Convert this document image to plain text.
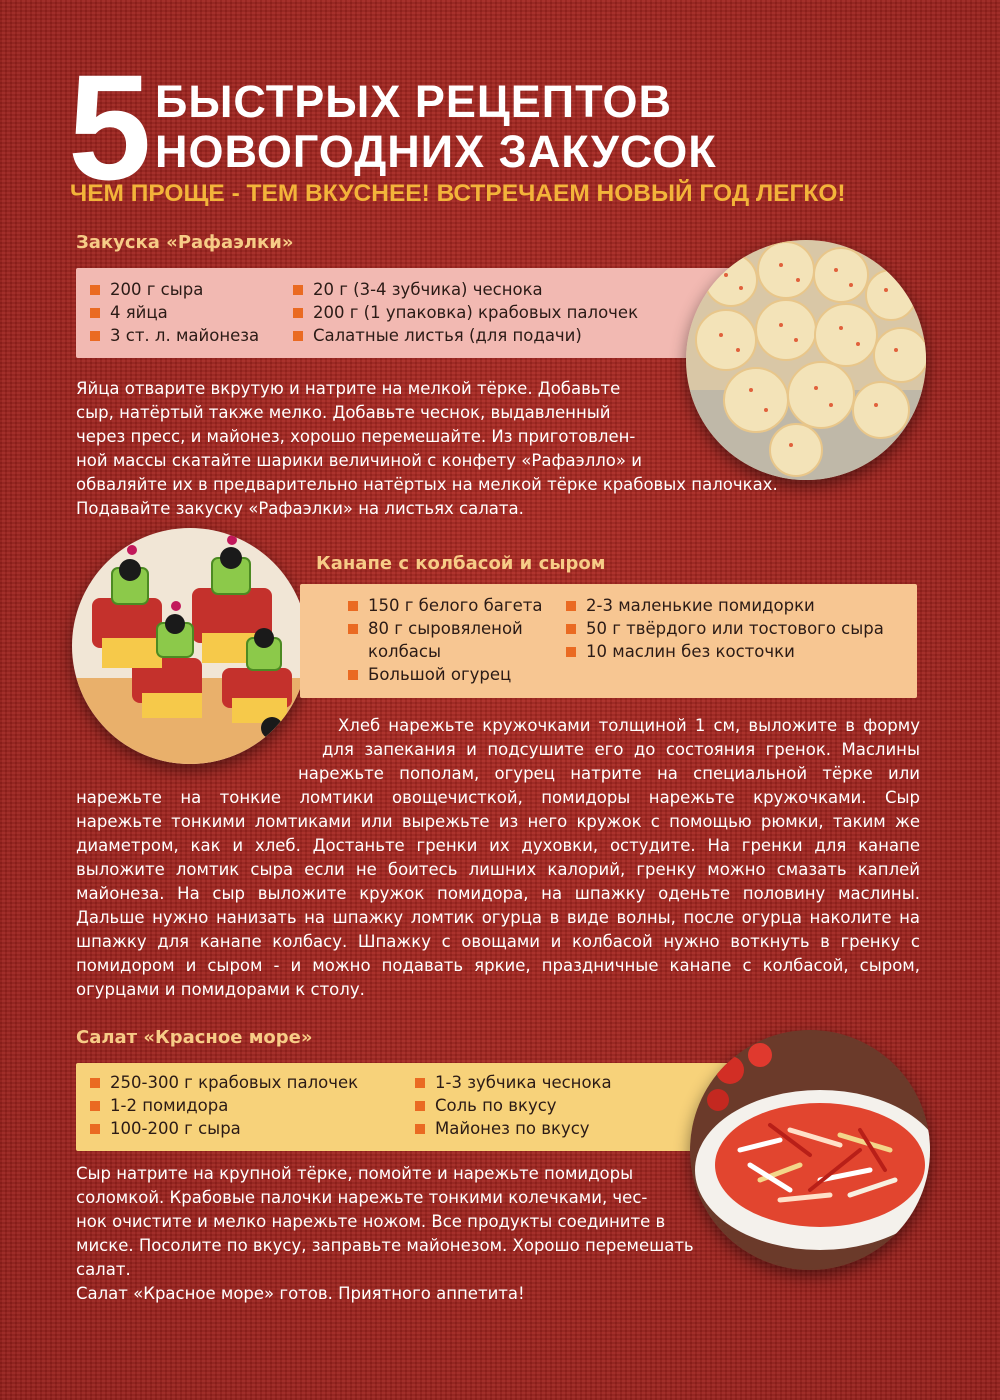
5 БЫСТРЫХ РЕЦЕПТОВ
НОВОГОДНИХ ЗАКУСОК
ЧЕМ ПРОЩЕ - ТЕМ ВКУСНЕЕ! ВСТРЕЧАЕМ НОВЫЙ ГОД ЛЕГКО!
Закуска «Рафаэлки»
200 г сыра
4 яйца
3 ст. л. майонеза
20 г (3-4 зубчика) чеснока
200 г (1 упаковка) крабовых палочек
Салатные листья (для подачи)
Яйца отварите вкрутую и натрите на мелкой тёрке. Добавьте
сыр, натёртый также мелко. Добавьте чеснок, выдавленный
через пресс, и майонез, хорошо перемешайте. Из приготовлен-
ной массы скатайте шарики величиной с конфету «Рафаэлло» и
обваляйте их в предварительно натёртых на мелкой тёрке крабовых палочках.
Подавайте закуску «Рафаэлки» на листьях салата.
Канапе с колбасой и сыром
150 г белого багета
80 г сыровяленой
колбасы
Большой огурец
2-3 маленькие помидорки
50 г твёрдого или тостового сыра
10 маслин без косточки
Хлеб нарежьте кружочками толщиной 1 см, выложите в форму
для запекания и подсушите его до состояния гренок. Маслины
нарежьте пополам, огурец натрите на специальной тёрке или
нарежьте на тонкие ломтики овощечисткой, помидоры нарежьте кружочками. Сыр
нарежьте тонкими ломтиками или вырежьте из него кружок с помощью рюмки, таким же
диаметром, как и хлеб. Достаньте гренки их духовки, остудите. На гренки для канапе
выложите ломтик сыра если не боитесь лишних калорий, гренку можно смазать каплей
майонеза. На сыр выложите кружок помидора, на шпажку оденьте половину маслины.
Дальше нужно нанизать на шпажку ломтик огурца в виде волны, после огурца наколите на
шпажку для канапе колбасу. Шпажку с овощами и колбасой нужно воткнуть в гренку с
помидором и сыром - и можно подавать яркие, праздничные канапе с колбасой, сыром,
огурцами и помидорами к столу.
Салат «Красное море»
250-300 г крабовых палочек
1-2 помидора
100-200 г сыра
1-3 зубчика чеснока
Соль по вкусу
Майонез по вкусу
Сыр натрите на крупной тёрке, помойте и нарежьте помидоры
соломкой. Крабовые палочки нарежьте тонкими колечками, чес-
нок очистите и мелко нарежьте ножом. Все продукты соедините в
миске. Посолите по вкусу, заправьте майонезом. Хорошо перемешать
салат.
Салат «Красное море» готов. Приятного аппетита!
